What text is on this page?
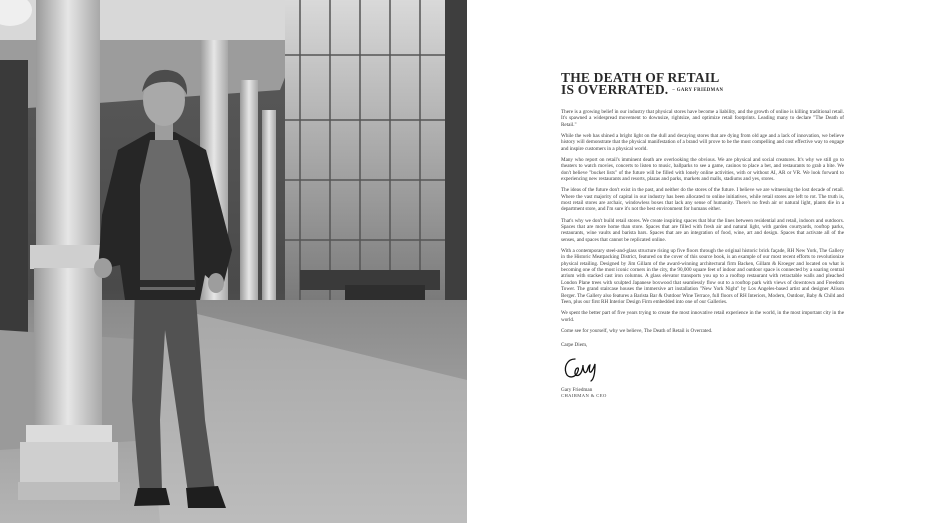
THE DEATH OF RETAIL
IS OVERRATED. – GARY FRIEDMAN

There is a growing belief in our industry that physical stores have become a liability, and the growth of online is killing traditional retail. It's spawned a widespread movement to downsize, rightsize, and optimize retail footprints. Leading many to declare "The Death of Retail."

While the web has shined a bright light on the dull and decaying stores that are dying from old age and a lack of innovation, we believe history will demonstrate that the physical manifestation of a brand will prove to be the most compelling and cost effective way to engage and inspire customers in a physical world.

Many who report on retail's imminent death are overlooking the obvious. We are physical and social creatures. It's why we still go to theaters to watch movies, concerts to listen to music, ballparks to see a game, casinos to place a bet, and restaurants to grab a bite. We don't believe "bucket lists" of the future will be filled with lonely online activities, with or without AI, AR or VR. We look forward to experiencing new restaurants and resorts, plazas and parks, markets and malls, stadiums and yes, stores.

The ideas of the future don't exist in the past, and neither do the stores of the future. I believe we are witnessing the lost decade of retail. Where the vast majority of capital in our industry has been allocated to online initiatives, while retail stores are left to rot. The truth is, most retail stores are archaic, windowless boxes that lack any sense of humanity. There's no fresh air or natural light, plants die in a department store, and I'm sure it's not the best environment for humans either.

That's why we don't build retail stores. We create inspiring spaces that blur the lines between residential and retail, indoors and outdoors. Spaces that are more home than store. Spaces that are filled with fresh air and natural light, with garden courtyards, rooftop parks, restaurants, wine vaults and barista bars. Spaces that are an integration of food, wine, art and design. Spaces that activate all of the senses, and spaces that cannot be replicated online.

With a contemporary steel-and-glass structure rising up five floors through the original historic brick façade, RH New York, The Gallery in the Historic Meatpacking District, featured on the cover of this source book, is an example of our most recent efforts to revolutionize physical retailing. Designed by Jim Gillam of the award-winning architectural firm Backen, Gillam & Kroeger and located on what is becoming one of the most iconic corners in the city, the 90,000 square feet of indoor and outdoor space is connected by a soaring central atrium with stacked cast iron columns. A glass elevator transports you up to a rooftop restaurant with retractable walls and pleached London Plane trees with sculpted Japanese boxwood that seamlessly flow out to a rooftop park with views of downtown and Freedom Tower. The grand staircase houses the immersive art installation "New York Night" by Los Angeles-based artist and designer Alison Berger. The Gallery also features a Barista Bar & Outdoor Wine Terrace, full floors of RH Interiors, Modern, Outdoor, Baby & Child and Teen, plus our first RH Interior Design Firm embedded into one of our Galleries.

We spent the better part of five years trying to create the most innovative retail experience in the world, in the most important city in the world.

Come see for yourself, why we believe, The Death of Retail is Overrated.

Carpe Diem,

Gary Friedman
CHAIRMAN & CEO
